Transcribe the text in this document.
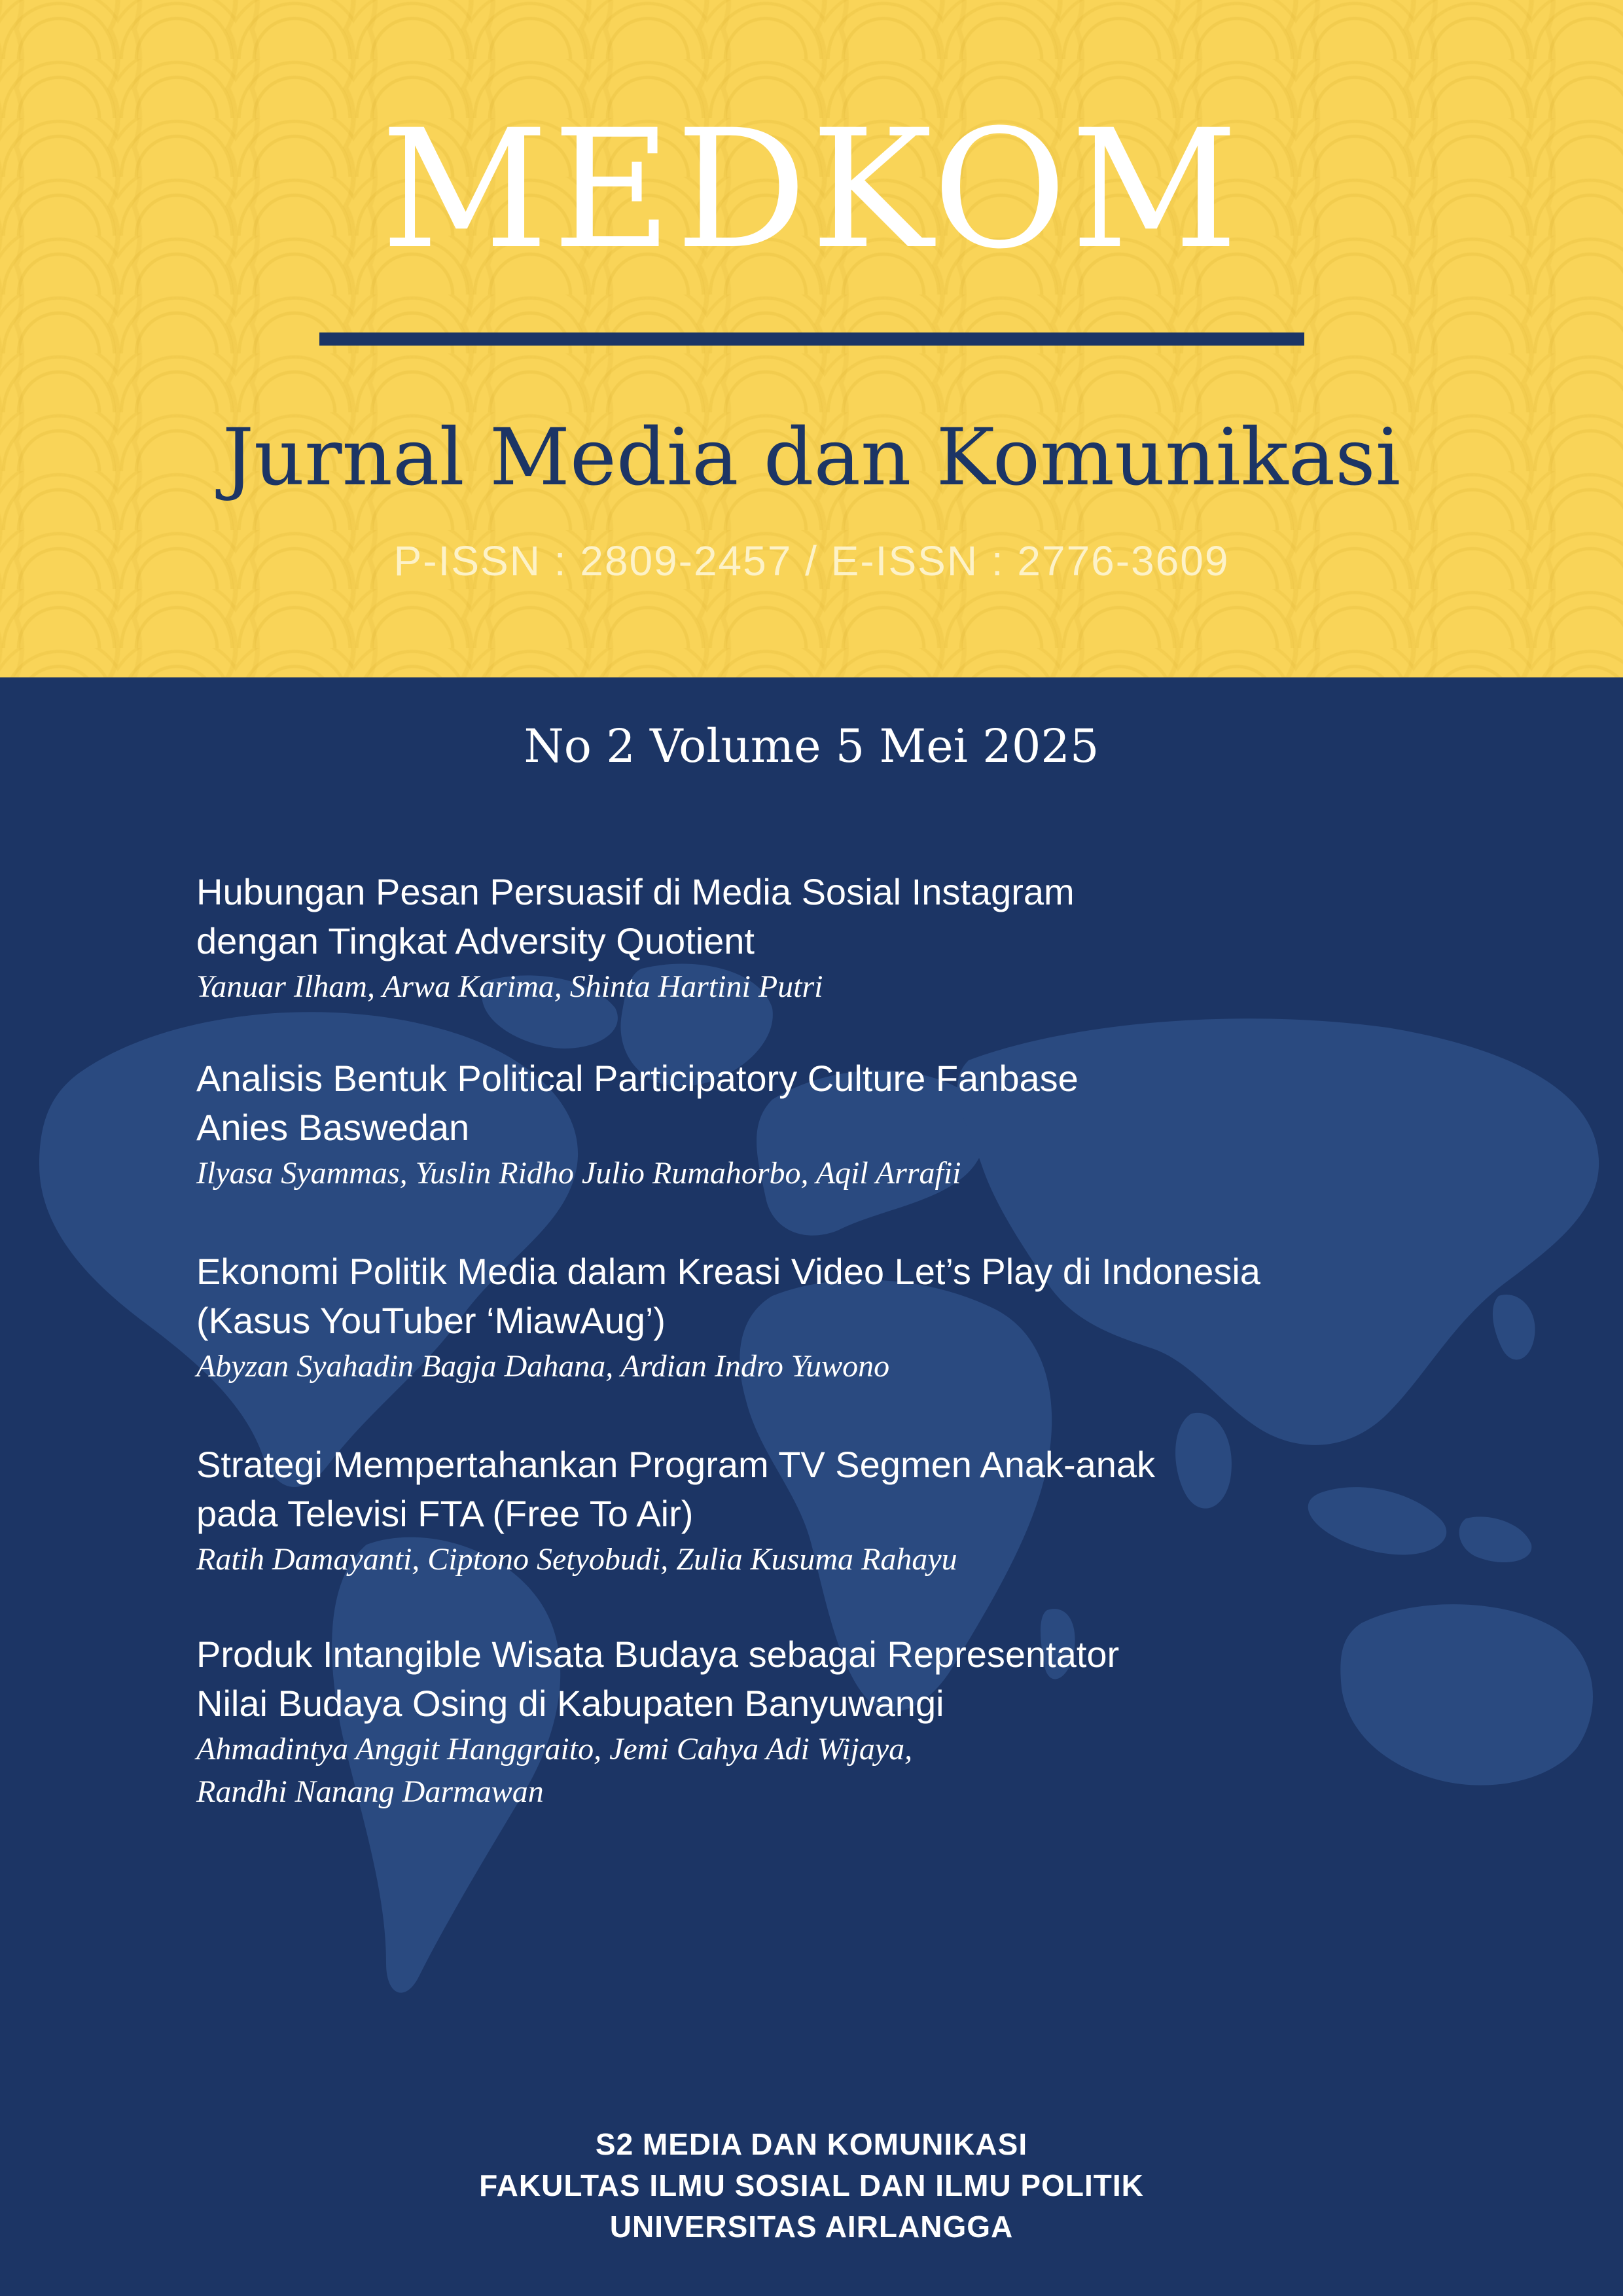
MEDKOM
Jurnal Media dan Komunikasi
P-ISSN : 2809-2457 / E-ISSN : 2776-3609
No 2 Volume 5 Mei 2025
Hubungan Pesan Persuasif di Media Sosial Instagram
dengan Tingkat Adversity Quotient
Yanuar Ilham, Arwa Karima, Shinta Hartini Putri
Analisis Bentuk Political Participatory Culture Fanbase
Anies Baswedan
Ilyasa Syammas, Yuslin Ridho Julio Rumahorbo, Aqil Arrafii
Ekonomi Politik Media dalam Kreasi Video Let’s Play di Indonesia
(Kasus YouTuber ‘MiawAug’)
Abyzan Syahadin Bagja Dahana, Ardian Indro Yuwono
Strategi Mempertahankan Program TV Segmen Anak-anak
pada Televisi FTA (Free To Air)
Ratih Damayanti, Ciptono Setyobudi, Zulia Kusuma Rahayu
Produk Intangible Wisata Budaya sebagai Representator
Nilai Budaya Osing di Kabupaten Banyuwangi
Ahmadintya Anggit Hanggraito, Jemi Cahya Adi Wijaya,
Randhi Nanang Darmawan
S2 MEDIA DAN KOMUNIKASI
FAKULTAS ILMU SOSIAL DAN ILMU POLITIK
UNIVERSITAS AIRLANGGA
